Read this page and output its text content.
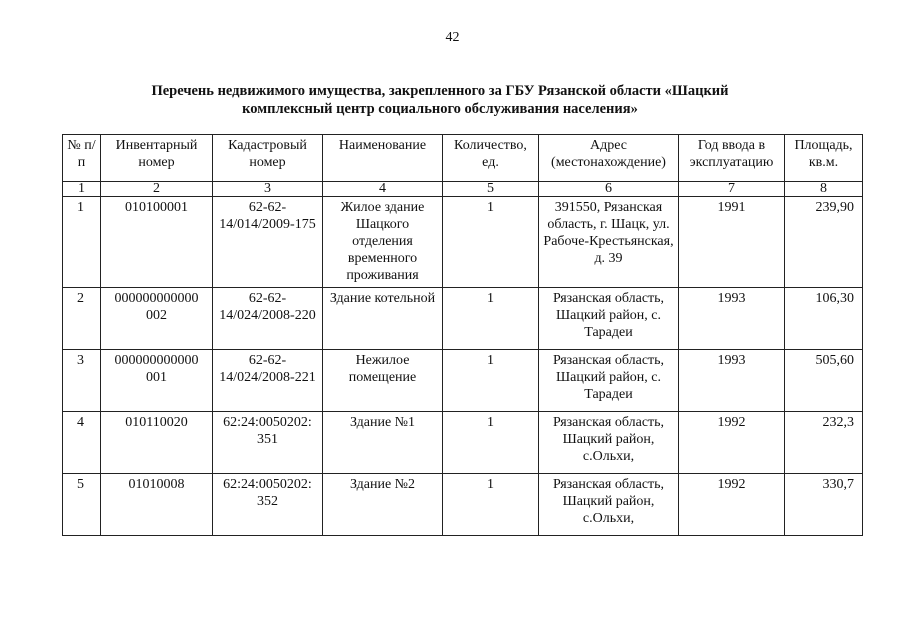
42
Перечень недвижимого имущества, закрепленного за ГБУ Рязанской области «Шацкий
комплексный центр социального обслуживания населения»
№ п/п	Инвентарный номер	Кадастровый номер	Наименование	Количество, ед.	Адрес (местонахождение)	Год ввода в эксплуатацию	Площадь, кв.м.
1	2	3	4	5	6	7	8
1	010100001	62-62-14/014/2009-175	Жилое здание Шацкого отделения временного проживания	1	391550, Рязанская область, г. Шацк, ул. Рабоче-Крестьянская, д. 39	1991	239,90
2	000000000000 002	62-62-14/024/2008-220	Здание котельной	1	Рязанская область, Шацкий район, с. Тарадеи	1993	106,30
3	000000000000 001	62-62-14/024/2008-221	Нежилое помещение	1	Рязанская область, Шацкий район, с. Тарадеи	1993	505,60
4	010110020	62:24:0050202: 351	Здание №1	1	Рязанская область, Шацкий район, с.Ольхи,	1992	232,3
5	01010008	62:24:0050202: 352	Здание №2	1	Рязанская область, Шацкий район, с.Ольхи,	1992	330,7
